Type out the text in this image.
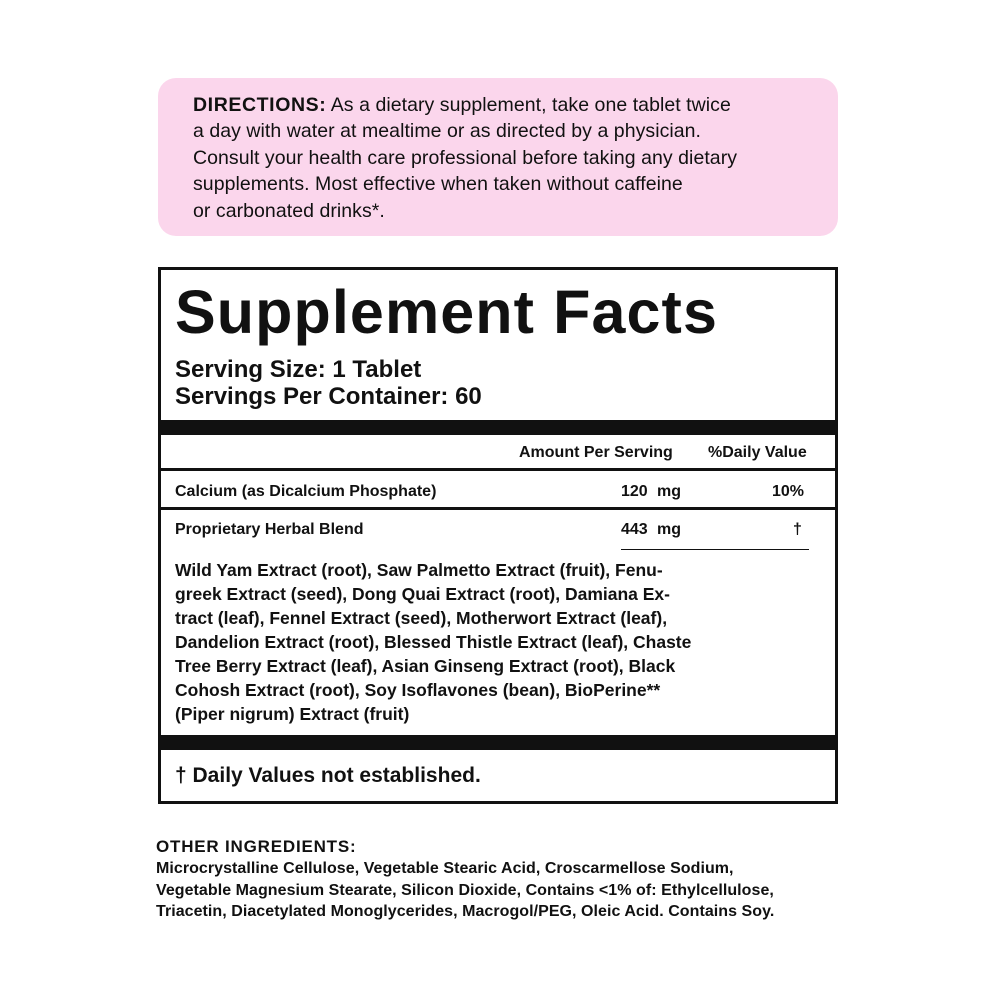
DIRECTIONS: As a dietary supplement, take one tablet twice
a day with water at mealtime or as directed by a physician.
Consult your health care professional before taking any dietary
supplements. Most effective when taken without caffeine
or carbonated drinks*.
Supplement Facts
Serving Size: 1 Tablet
Servings Per Container: 60
Amount Per Serving %Daily Value
Calcium (as Dicalcium Phosphate)	120 mg	10%
Proprietary Herbal Blend	443 mg	†
Wild Yam Extract (root), Saw Palmetto Extract (fruit), Fenu-
greek Extract (seed), Dong Quai Extract (root), Damiana Ex-
tract (leaf), Fennel Extract (seed), Motherwort Extract (leaf),
Dandelion Extract (root), Blessed Thistle Extract (leaf), Chaste
Tree Berry Extract (leaf), Asian Ginseng Extract (root), Black
Cohosh Extract (root), Soy Isoflavones (bean), BioPerine**
(Piper nigrum) Extract (fruit)
† Daily Values not established.
OTHER INGREDIENTS:
Microcrystalline Cellulose, Vegetable Stearic Acid, Croscarmellose Sodium,
Vegetable Magnesium Stearate, Silicon Dioxide, Contains <1% of: Ethylcellulose,
Triacetin, Diacetylated Monoglycerides, Macrogol/PEG, Oleic Acid. Contains Soy.
